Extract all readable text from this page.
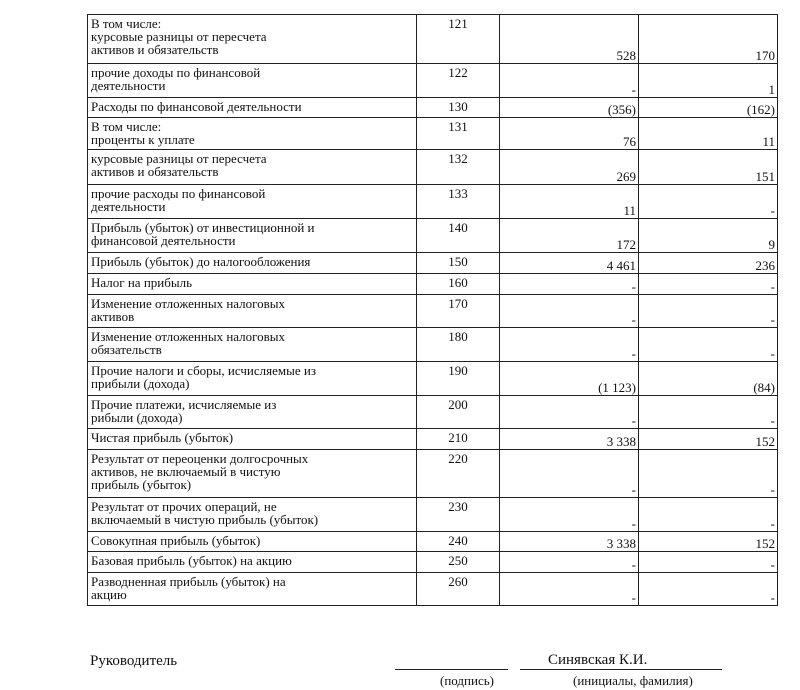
В том числе:
курсовые разницы от пересчета
активов и обязательств	121	528	170
прочие доходы по финансовой
деятельности	122	-	1
Расходы по финансовой деятельности	130	(356)	(162)
В том числе:
проценты к уплате	131	76	11
курсовые разницы от пересчета
активов и обязательств	132	269	151
прочие расходы по финансовой
деятельности	133	11	-
Прибыль (убыток) от инвестиционной и
финансовой деятельности	140	172	9
Прибыль (убыток) до налогообложения	150	4 461	236
Налог на прибыль	160	-	-
Изменение отложенных налоговых
активов	170	-	-
Изменение отложенных налоговых
обязательств	180	-	-
Прочие налоги и сборы, исчисляемые из
прибыли (дохода)	190	(1 123)	(84)
Прочие платежи, исчисляемые из
рибыли (дохода)	200	-	-
Чистая прибыль (убыток)	210	3 338	152
Результат от переоценки долгосрочных
активов, не включаемый в чистую
прибыль (убыток)	220	-	-
Результат от прочих операций, не
включаемый в чистую прибыль (убыток)	230	-	-
Совокупная прибыль (убыток)	240	3 338	152
Базовая прибыль (убыток) на акцию	250	-	-
Разводненная прибыль (убыток) на
акцию	260	-	-
Руководитель
(подпись)
Синявская К.И.
(инициалы, фамилия)
